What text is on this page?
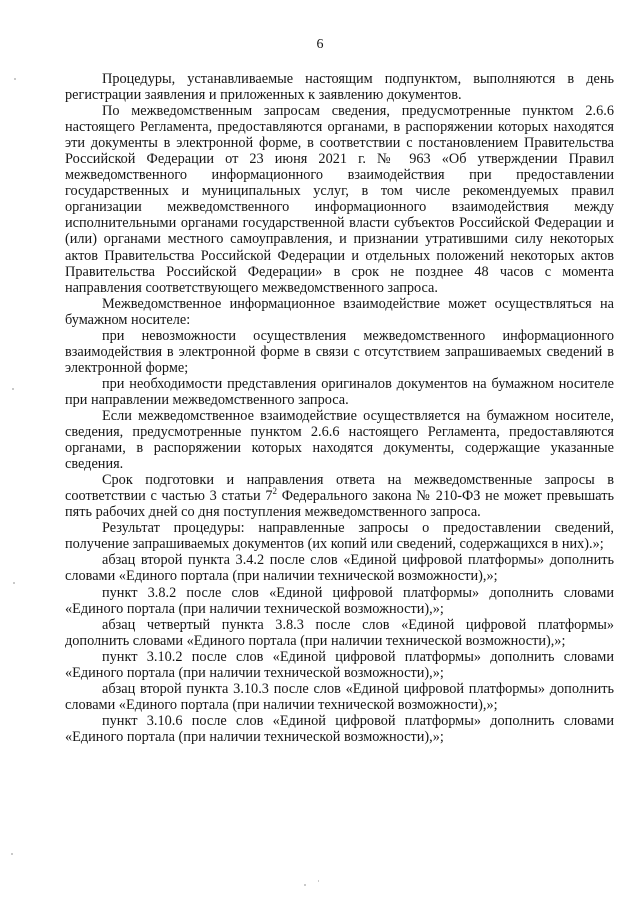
6

Процедуры, устанавливаемые настоящим подпунктом, выполняются в день регистрации заявления и приложенных к заявлению документов.

По межведомственным запросам сведения, предусмотренные пунктом 2.6.6 настоящего Регламента, предоставляются органами, в распоряжении которых находятся эти документы в электронной форме, в соответствии с постановлением Правительства Российской Федерации от 23 июня 2021 г. № 963 «Об утверждении Правил межведомственного информационного взаимодействия при предоставлении государственных и муниципальных услуг, в том числе рекомендуемых правил организации межведомственного информационного взаимодействия между исполнительными органами государственной власти субъектов Российской Федерации и (или) органами местного самоуправления, и признании утратившими силу некоторых актов Правительства Российской Федерации и отдельных положений некоторых актов Правительства Российской Федерации» в срок не позднее 48 часов с момента направления соответствующего межведомственного запроса.

Межведомственное информационное взаимодействие может осуществляться на бумажном носителе:

при невозможности осуществления межведомственного информационного взаимодействия в электронной форме в связи с отсутствием запрашиваемых сведений в электронной форме;

при необходимости представления оригиналов документов на бумажном носителе при направлении межведомственного запроса.

Если межведомственное взаимодействие осуществляется на бумажном носителе, сведения, предусмотренные пунктом 2.6.6 настоящего Регламента, предоставляются органами, в распоряжении которых находятся документы, содержащие указанные сведения.

Срок подготовки и направления ответа на межведомственные запросы в соответствии с частью 3 статьи $7^2$ Федерального закона № 210-ФЗ не может превышать пять рабочих дней со дня поступления межведомственного запроса.

Результат процедуры: направленные запросы о предоставлении сведений, получение запрашиваемых документов (их копий или сведений, содержащихся в них).»;

абзац второй пункта 3.4.2 после слов «Единой цифровой платформы» дополнить словами «Единого портала (при наличии технической возможности),»;

пункт 3.8.2 после слов «Единой цифровой платформы» дополнить словами «Единого портала (при наличии технической возможности),»;

абзац четвертый пункта 3.8.3 после слов «Единой цифровой платформы» дополнить словами «Единого портала (при наличии технической возможности),»;

пункт 3.10.2 после слов «Единой цифровой платформы» дополнить словами «Единого портала (при наличии технической возможности),»;

абзац второй пункта 3.10.3 после слов «Единой цифровой платформы» дополнить словами «Единого портала (при наличии технической возможности),»;

пункт 3.10.6 после слов «Единой цифровой платформы» дополнить словами «Единого портала (при наличии технической возможности),»;
